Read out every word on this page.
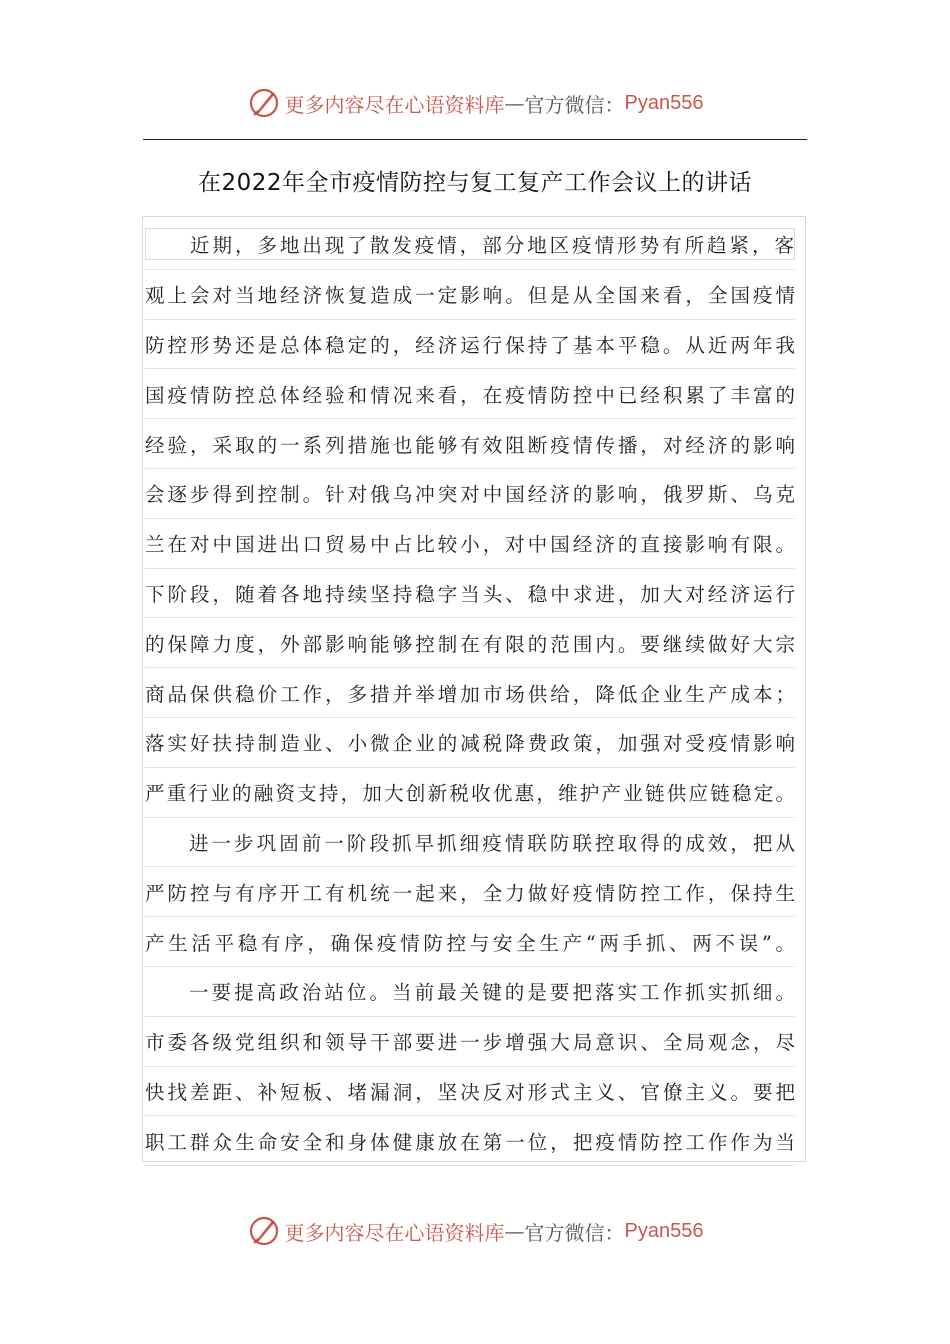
更多内容尽在心语资料库 — 官方微信： Pyan556
在2022年全市疫情防控与复工复产工作会议上的讲话
近期，多地出现了散发疫情，部分地区疫情形势有所趋紧，客
观上会对当地经济恢复造成一定影响。但是从全国来看，全国疫情
防控形势还是总体稳定的，经济运行保持了基本平稳。从近两年我
国疫情防控总体经验和情况来看，在疫情防控中已经积累了丰富的
经验，采取的一系列措施也能够有效阻断疫情传播，对经济的影响
会逐步得到控制。针对俄乌冲突对中国经济的影响，俄罗斯、乌克
兰在对中国进出口贸易中占比较小，对中国经济的直接影响有限。
下阶段，随着各地持续坚持稳字当头、稳中求进，加大对经济运行
的保障力度，外部影响能够控制在有限的范围内。要继续做好大宗
商品保供稳价工作，多措并举增加市场供给，降低企业生产成本；
落实好扶持制造业、小微企业的减税降费政策，加强对受疫情影响
严重行业的融资支持，加大创新税收优惠，维护产业链供应链稳定。
进一步巩固前一阶段抓早抓细疫情联防联控取得的成效，把从
严防控与有序开工有机统一起来，全力做好疫情防控工作，保持生
产生活平稳有序，确保疫情防控与安全生产“两手抓、两不误”。
一要提高政治站位。当前最关键的是要把落实工作抓实抓细。
市委各级党组织和领导干部要进一步增强大局意识、全局观念，尽
快找差距、补短板、堵漏洞，坚决反对形式主义、官僚主义。要把
职工群众生命安全和身体健康放在第一位，把疫情防控工作作为当
更多内容尽在心语资料库 — 官方微信： Pyan556
